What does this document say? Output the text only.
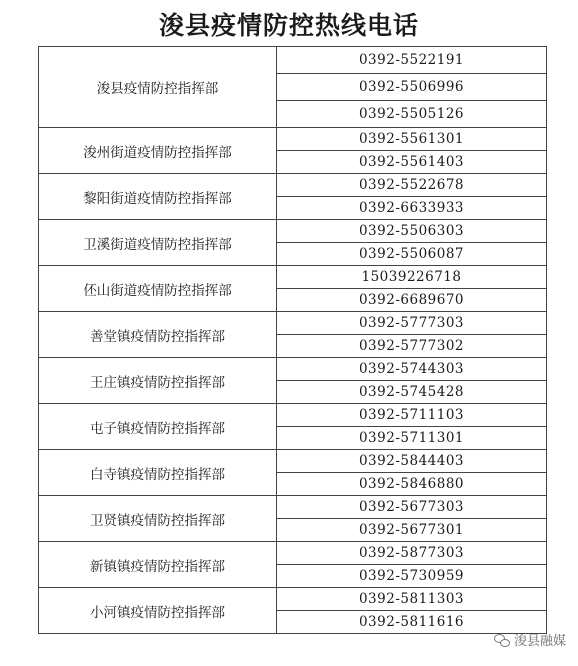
浚县疫情防控热线电话
浚县疫情防控指挥部	0392-5522191
	0392-5506996
	0392-5505126
浚州街道疫情防控指挥部	0392-5561301
	0392-5561403
黎阳街道疫情防控指挥部	0392-5522678
	0392-6633933
卫溪街道疫情防控指挥部	0392-5506303
	0392-5506087
伾山街道疫情防控指挥部	15039226718
	0392-6689670
善堂镇疫情防控指挥部	0392-5777303
	0392-5777302
王庄镇疫情防控指挥部	0392-5744303
	0392-5745428
屯子镇疫情防控指挥部	0392-5711103
	0392-5711301
白寺镇疫情防控指挥部	0392-5844403
	0392-5846880
卫贤镇疫情防控指挥部	0392-5677303
	0392-5677301
新镇镇疫情防控指挥部	0392-5877303
	0392-5730959
小河镇疫情防控指挥部	0392-5811303
	0392-5811616
浚县融媒
